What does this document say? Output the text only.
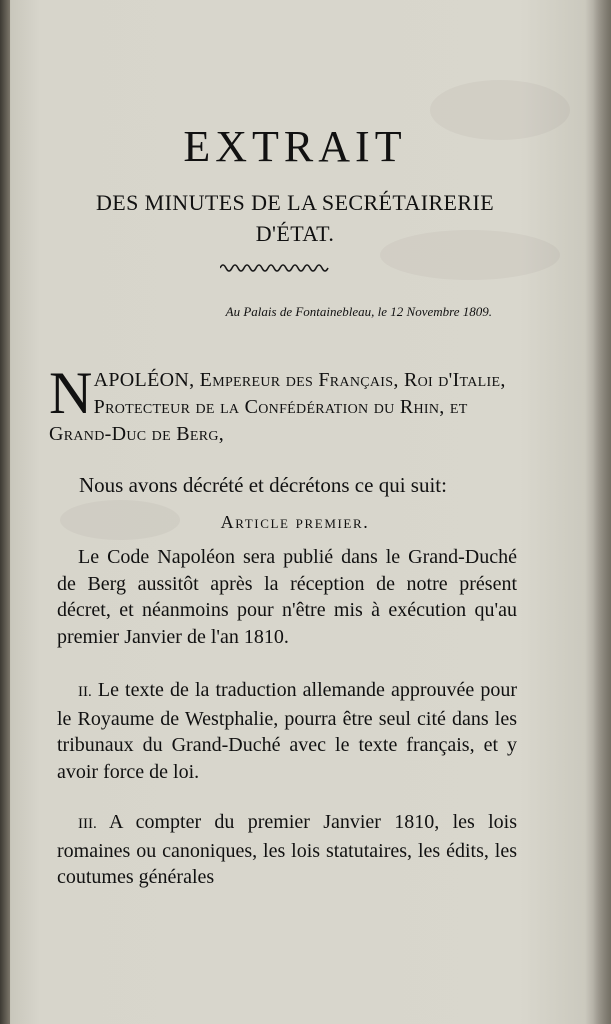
EXTRAIT
DES MINUTES DE LA SECRÉTAIRERIE
D'ÉTAT.
Au Palais de Fontainebleau, le 12 Novembre 1809.
NAPOLÉON, Empereur des Français, Roi d'Italie, Protecteur de la Confédération du Rhin, et Grand-Duc de Berg,
Nous avons décrété et décrétons ce qui suit:
Article premier.
Le Code Napoléon sera publié dans le Grand-Duché de Berg aussitôt après la réception de notre présent décret, et néanmoins pour n'être mis à exécution qu'au premier Janvier de l'an 1810.
II. Le texte de la traduction allemande approuvée pour le Royaume de Westphalie, pourra être seul cité dans les tribunaux du Grand-Duché avec le texte français, et y avoir force de loi.
III. A compter du premier Janvier 1810, les lois romaines ou canoniques, les lois statutaires, les édits, les coutumes générales
